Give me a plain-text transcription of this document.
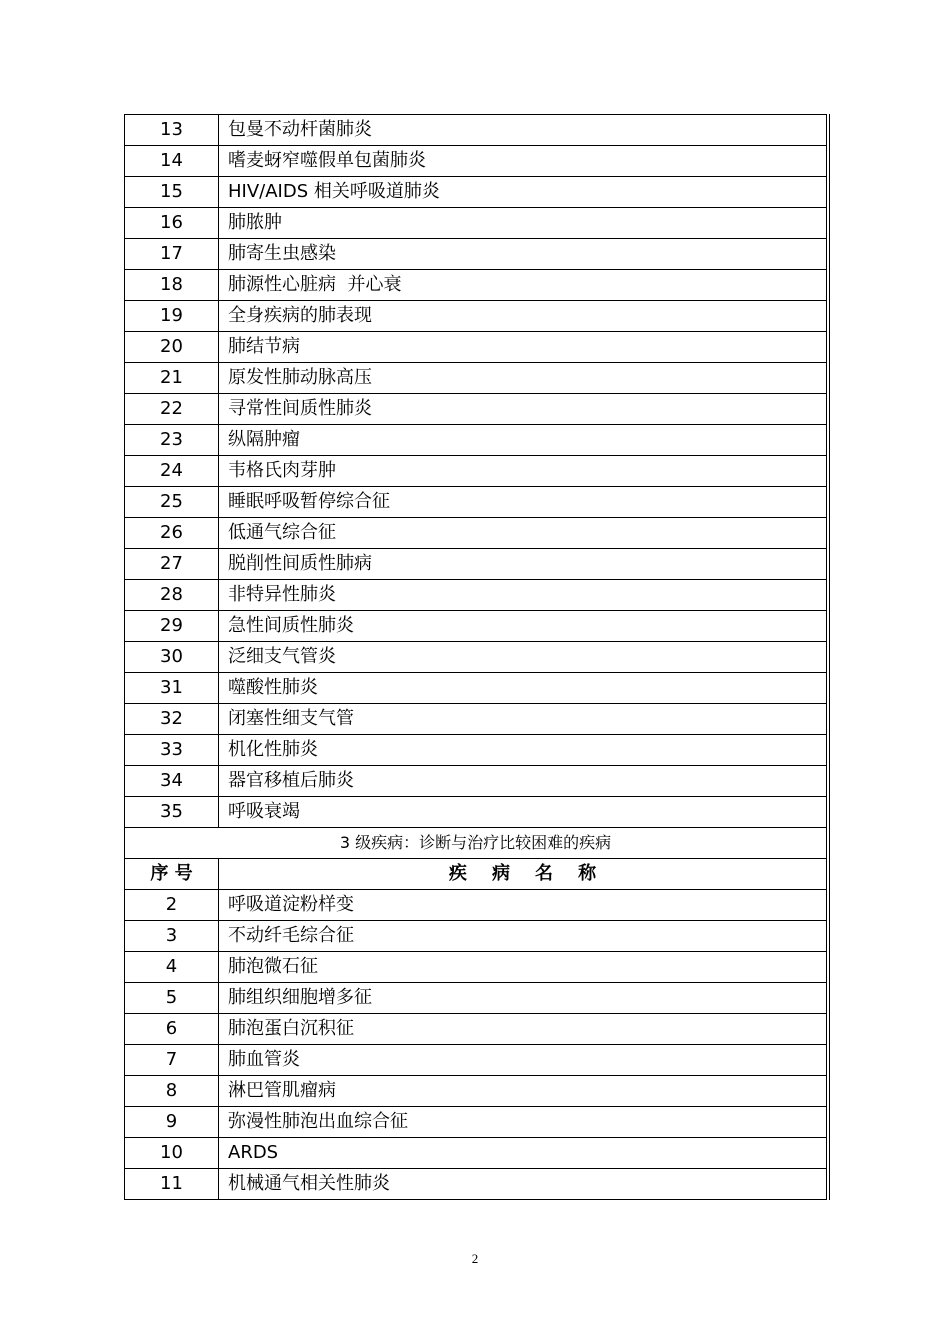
13	包曼不动杆菌肺炎
14	嗜麦蚜窄噬假单包菌肺炎
15	HIV/AIDS 相关呼吸道肺炎
16	肺脓肿
17	肺寄生虫感染
18	肺源性心脏病  并心衰
19	全身疾病的肺表现
20	肺结节病
21	原发性肺动脉高压
22	寻常性间质性肺炎
23	纵隔肿瘤
24	韦格氏肉芽肿
25	睡眠呼吸暂停综合征
26	低通气综合征
27	脱削性间质性肺病
28	非特异性肺炎
29	急性间质性肺炎
30	泛细支气管炎
31	噬酸性肺炎
32	闭塞性细支气管
33	机化性肺炎
34	器官移植后肺炎
35	呼吸衰竭
3 级疾病：诊断与治疗比较困难的疾病	
序 号	疾    病    名    称
2	呼吸道淀粉样变
3	不动纤毛综合征
4	肺泡微石征
5	肺组织细胞增多征
6	肺泡蛋白沉积征
7	肺血管炎
8	淋巴管肌瘤病
9	弥漫性肺泡出血综合征
10	ARDS
11	机械通气相关性肺炎
2
